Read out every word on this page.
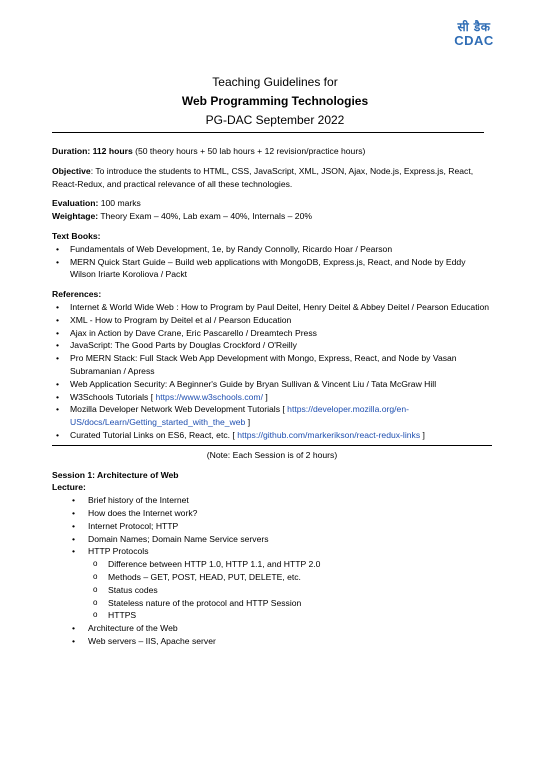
सी डैक
CDAC
Teaching Guidelines for
Web Programming Technologies
PG-DAC September 2022

Duration: 112 hours (50 theory hours + 50 lab hours + 12 revision/practice hours)

Objective: To introduce the students to HTML, CSS, JavaScript, XML, JSON, Ajax, Node.js, Express.js, React, React-Redux, and practical relevance of all these technologies.

Evaluation: 100 marks

Weightage: Theory Exam – 40%, Lab exam – 40%, Internals – 20%

Text Books:

• Fundamentals of Web Development, 1e, by Randy Connolly, Ricardo Hoar / Pearson
• MERN Quick Start Guide – Build web applications with MongoDB, Express.js, React, and Node by Eddy Wilson Iriarte Koroliova / Packt

References:

• Internet & World Wide Web : How to Program by Paul Deitel, Henry Deitel & Abbey Deitel / Pearson Education
• XML - How to Program by Deitel et al / Pearson Education
• Ajax in Action by Dave Crane, Eric Pascarello / Dreamtech Press
• JavaScript: The Good Parts by Douglas Crockford / O'Reilly
• Pro MERN Stack: Full Stack Web App Development with Mongo, Express, React, and Node by Vasan Subramanian / Apress
• Web Application Security: A Beginner's Guide by Bryan Sullivan & Vincent Liu / Tata McGraw Hill
• W3Schools Tutorials [ https://www.w3schools.com/ ]
• Mozilla Developer Network Web Development Tutorials [ https://developer.mozilla.org/en-US/docs/Learn/Getting_started_with_the_web ]
• Curated Tutorial Links on ES6, React, etc. [ https://github.com/markerikson/react-redux-links ]

(Note: Each Session is of 2 hours)

Session 1: Architecture of Web

Lecture:

• Brief history of the Internet
• How does the Internet work?
• Internet Protocol; HTTP
• Domain Names; Domain Name Service servers
• HTTP Protocols
o Difference between HTTP 1.0, HTTP 1.1, and HTTP 2.0
o Methods – GET, POST, HEAD, PUT, DELETE, etc.
o Status codes
o Stateless nature of the protocol and HTTP Session
o HTTPS
• Architecture of the Web
• Web servers – IIS, Apache server
